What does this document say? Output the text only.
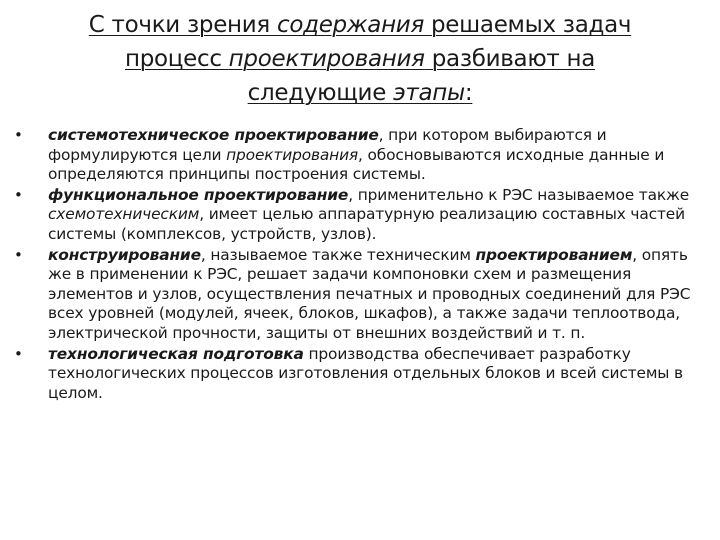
С точки зрения содержания решаемых задач
процесс проектирования разбивают на
следующие этапы:
•	системотехническое проектирование, при котором выбираются и формулируются цели проектирования, обосновываются исходные данные и определяются принципы построения системы.
•	функциональное проектирование, применительно к РЭС называемое также схемотехническим, имеет целью аппаратурную реализацию составных частей системы (комплексов, устройств, узлов).
•	конструирование, называемое также техническим проектированием, опять же в применении к РЭС, решает задачи компоновки схем и размещения элементов и узлов, осуществления печатных и проводных соединений для РЭС всех уровней (модулей, ячеек, блоков, шкафов), а также задачи теплоотвода, электрической прочности, защиты от внешних воздействий и т. п.
•	технологическая подготовка производства обеспечивает разработку технологических процессов изготовления отдельных блоков и всей системы в целом.
